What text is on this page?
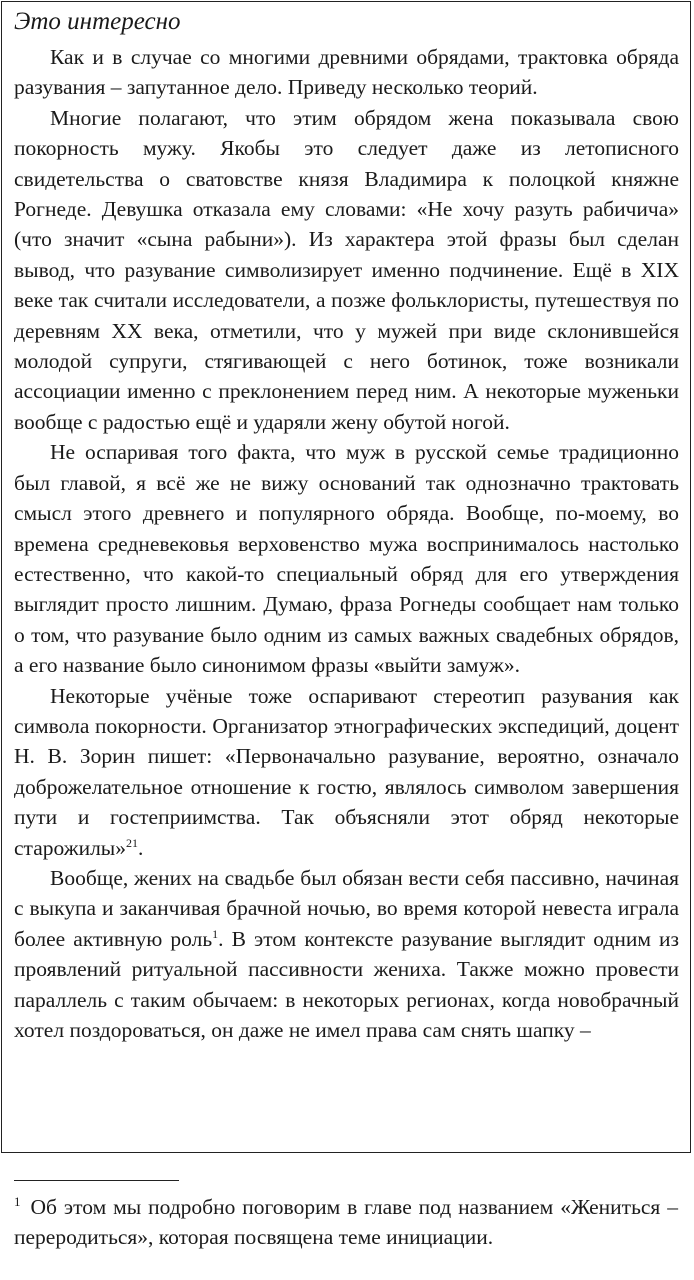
Это интересно

Как и в случае со многими древними обрядами, трактовка обряда разувания – запутанное дело. Приведу несколько теорий.

Многие полагают, что этим обрядом жена показывала свою покорность мужу. Якобы это следует даже из летописного свидетельства о сватовстве князя Владимира к полоцкой княжне Рогнеде. Девушка отказала ему словами: «Не хочу разуть рабичича» (что значит «сына рабыни»). Из характера этой фразы был сделан вывод, что разувание символизирует именно подчинение. Ещё в XIX веке так считали исследователи, а позже фольклористы, путешествуя по деревням XX века, отметили, что у мужей при виде склонившейся молодой супруги, стягивающей с него ботинок, тоже возникали ассоциации именно с преклонением перед ним. А некоторые муженьки вообще с радостью ещё и ударяли жену обутой ногой.

Не оспаривая того факта, что муж в русской семье традиционно был главой, я всё же не вижу оснований так однозначно трактовать смысл этого древнего и популярного обряда. Вообще, по-моему, во времена средневековья верховенство мужа воспринималось настолько естественно, что какой-то специальный обряд для его утверждения выглядит просто лишним. Думаю, фраза Рогнеды сообщает нам только о том, что разувание было одним из самых важных свадебных обрядов, а его название было синонимом фразы «выйти замуж».

Некоторые учёные тоже оспаривают стереотип разувания как символа покорности. Организатор этнографических экспедиций, доцент Н. В. Зорин пишет: «Первоначально разувание, вероятно, означало доброжелательное отношение к гостю, являлось символом завершения пути и гостеприимства. Так объясняли этот обряд некоторые старожилы»$^{21}$.

Вообще, жених на свадьбе был обязан вести себя пассивно, начиная с выкупа и заканчивая брачной ночью, во время которой невеста играла более активную роль$^1$. В этом контексте разувание выглядит одним из проявлений ритуальной пассивности жениха. Также можно провести параллель с таким обычаем: в некоторых регионах, когда новобрачный хотел поздороваться, он даже не имел права сам снять шапку –

$^1$ Об этом мы подробно поговорим в главе под названием «Жениться – переродиться», которая посвящена теме инициации.
